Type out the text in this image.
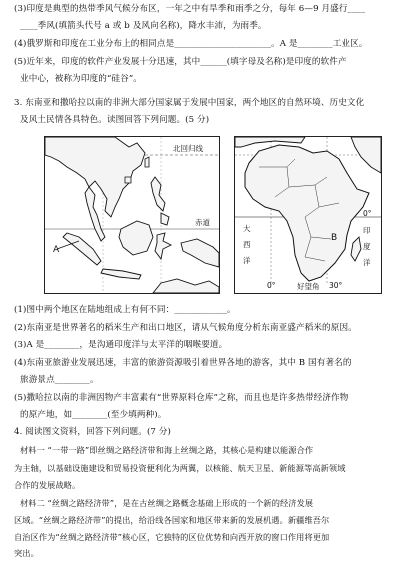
(3)印度是典型的热带季风气候分布区，一年之中有旱季和雨季之分，每年 6—9 月盛行____
____季风(填箭头代号 a 或 b 及风向名称)，降水丰沛，为雨季。
(4)俄罗斯和印度在工业分布上的相同点是______________________。A 是________工业区。
(5)近年来，印度的软件产业发展十分迅速，其中______(填字母及名称)是印度的软件产
业中心，被称为印度的“硅谷”。
3. 东南亚和撒哈拉以南的非洲大部分国家属于发展中国家，两个地区的自然环境、历史文化
及风土民情各具特色。读图回答下列问题。(5 分)
北回归线
赤道
A
0°
大
西
洋
印
度
洋
B
0°	好望角 30°
(1)图中两个地区在陆地组成上有何不同：____________。
(2)东南亚是世界著名的稻米生产和出口地区，请从气候角度分析东南亚盛产稻米的原因。
(3)A 是________，是沟通印度洋与太平洋的咽喉要道。
(4)东南亚旅游业发展迅速，丰富的旅游资源吸引着世界各地的游客，其中 B 国有著名的
旅游景点________。
(5)撒哈拉以南的非洲因物产丰富素有“世界原料仓库”之称，而且也是许多热带经济作物
的原产地，如________(至少填两种)。
4. 阅读图文资料，回答下列问题。(7 分)
材料一 “一带一路”即丝绸之路经济带和海上丝绸之路，其核心是构建以能源合作
为主轴，以基础设施建设和贸易投资便利化为两翼，以核能、航天卫星、新能源等高新领域
合作的发展战略。
材料二 “丝绸之路经济带”，是在古丝绸之路概念基础上形成的一个新的经济发展
区域。“丝绸之路经济带”的提出，给沿线各国家和地区带来新的发展机遇。新疆维吾尔
自治区作为“丝绸之路经济带”核心区，它独特的区位优势和向西开放的窗口作用将更加
突出。
